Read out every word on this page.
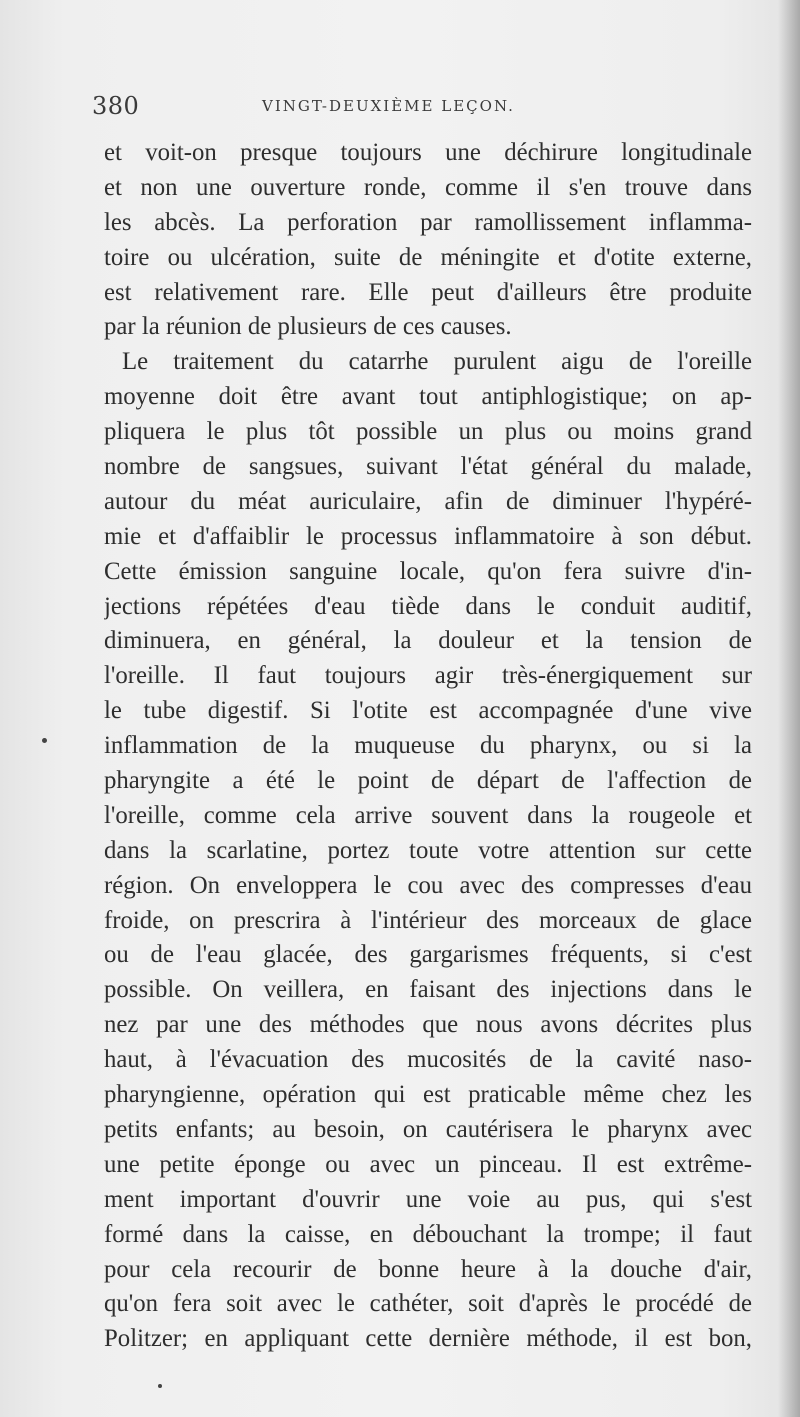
380	VINGT-DEUXIÈME LEÇON.
et voit-on presque toujours une déchirure longitudinale
et non une ouverture ronde, comme il s'en trouve dans
les abcès. La perforation par ramollissement inflamma-
toire ou ulcération, suite de méningite et d'otite externe,
est relativement rare. Elle peut d'ailleurs être produite
par la réunion de plusieurs de ces causes.
Le traitement du catarrhe purulent aigu de l'oreille
moyenne doit être avant tout antiphlogistique; on ap-
pliquera le plus tôt possible un plus ou moins grand
nombre de sangsues, suivant l'état général du malade,
autour du méat auriculaire, afin de diminuer l'hypéré-
mie et d'affaiblir le processus inflammatoire à son début.
Cette émission sanguine locale, qu'on fera suivre d'in-
jections répétées d'eau tiède dans le conduit auditif,
diminuera, en général, la douleur et la tension de
l'oreille. Il faut toujours agir très-énergiquement sur
le tube digestif. Si l'otite est accompagnée d'une vive
inflammation de la muqueuse du pharynx, ou si la
pharyngite a été le point de départ de l'affection de
l'oreille, comme cela arrive souvent dans la rougeole et
dans la scarlatine, portez toute votre attention sur cette
région. On enveloppera le cou avec des compresses d'eau
froide, on prescrira à l'intérieur des morceaux de glace
ou de l'eau glacée, des gargarismes fréquents, si c'est
possible. On veillera, en faisant des injections dans le
nez par une des méthodes que nous avons décrites plus
haut, à l'évacuation des mucosités de la cavité naso-
pharyngienne, opération qui est praticable même chez les
petits enfants; au besoin, on cautérisera le pharynx avec
une petite éponge ou avec un pinceau. Il est extrême-
ment important d'ouvrir une voie au pus, qui s'est
formé dans la caisse, en débouchant la trompe; il faut
pour cela recourir de bonne heure à la douche d'air,
qu'on fera soit avec le cathéter, soit d'après le procédé de
Politzer; en appliquant cette dernière méthode, il est bon,
